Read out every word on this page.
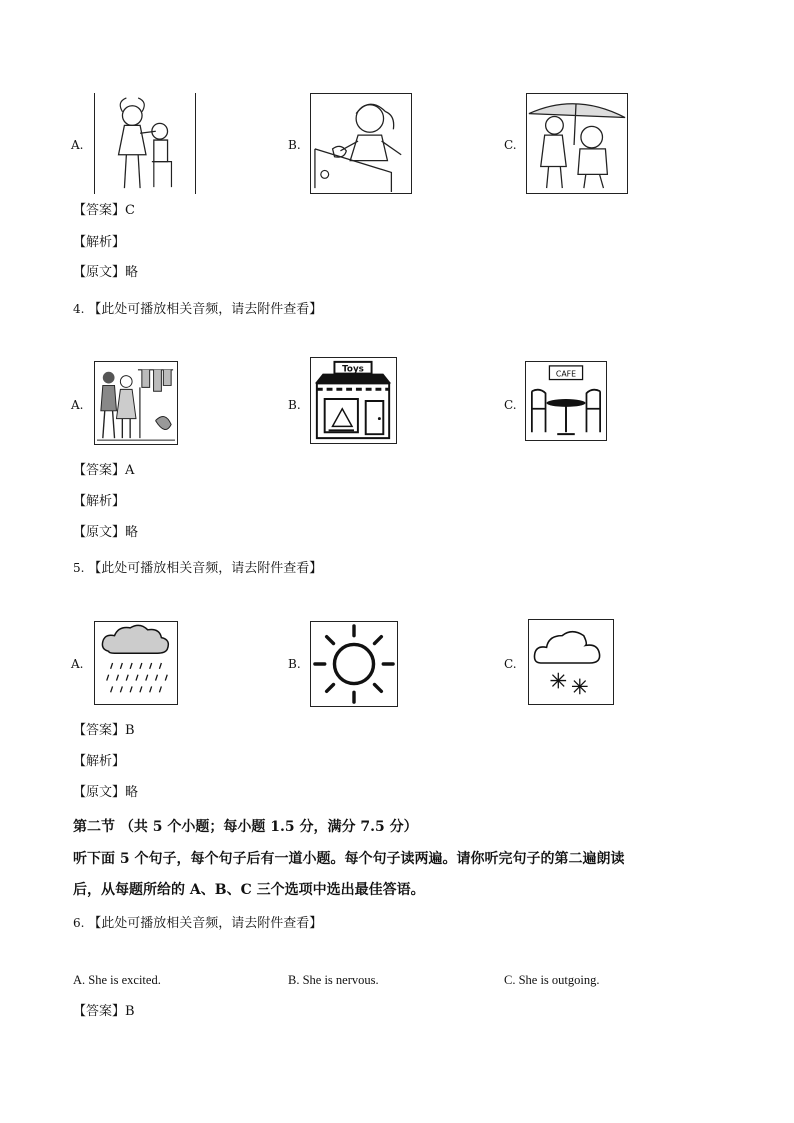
A.	B.	C.
【答案】C
【解析】
【原文】略
4. 【此处可播放相关音频，请去附件查看】
A.	B.
Toys
C.
CAFE
【答案】A
【解析】
【原文】略
5. 【此处可播放相关音频，请去附件查看】
A.	B.	C.
【答案】B
【解析】
【原文】略
第二节 （共 5 个小题；每小题 1.5 分，满分 7.5 分）
听下面 5 个句子，每个句子后有一道小题。每个句子读两遍。请你听完句子的第二遍朗读
后，从每题所给的 A、B、C 三个选项中选出最佳答语。
6. 【此处可播放相关音频，请去附件查看】
A. She is excited.	B. She is nervous.	C. She is outgoing.
【答案】B
